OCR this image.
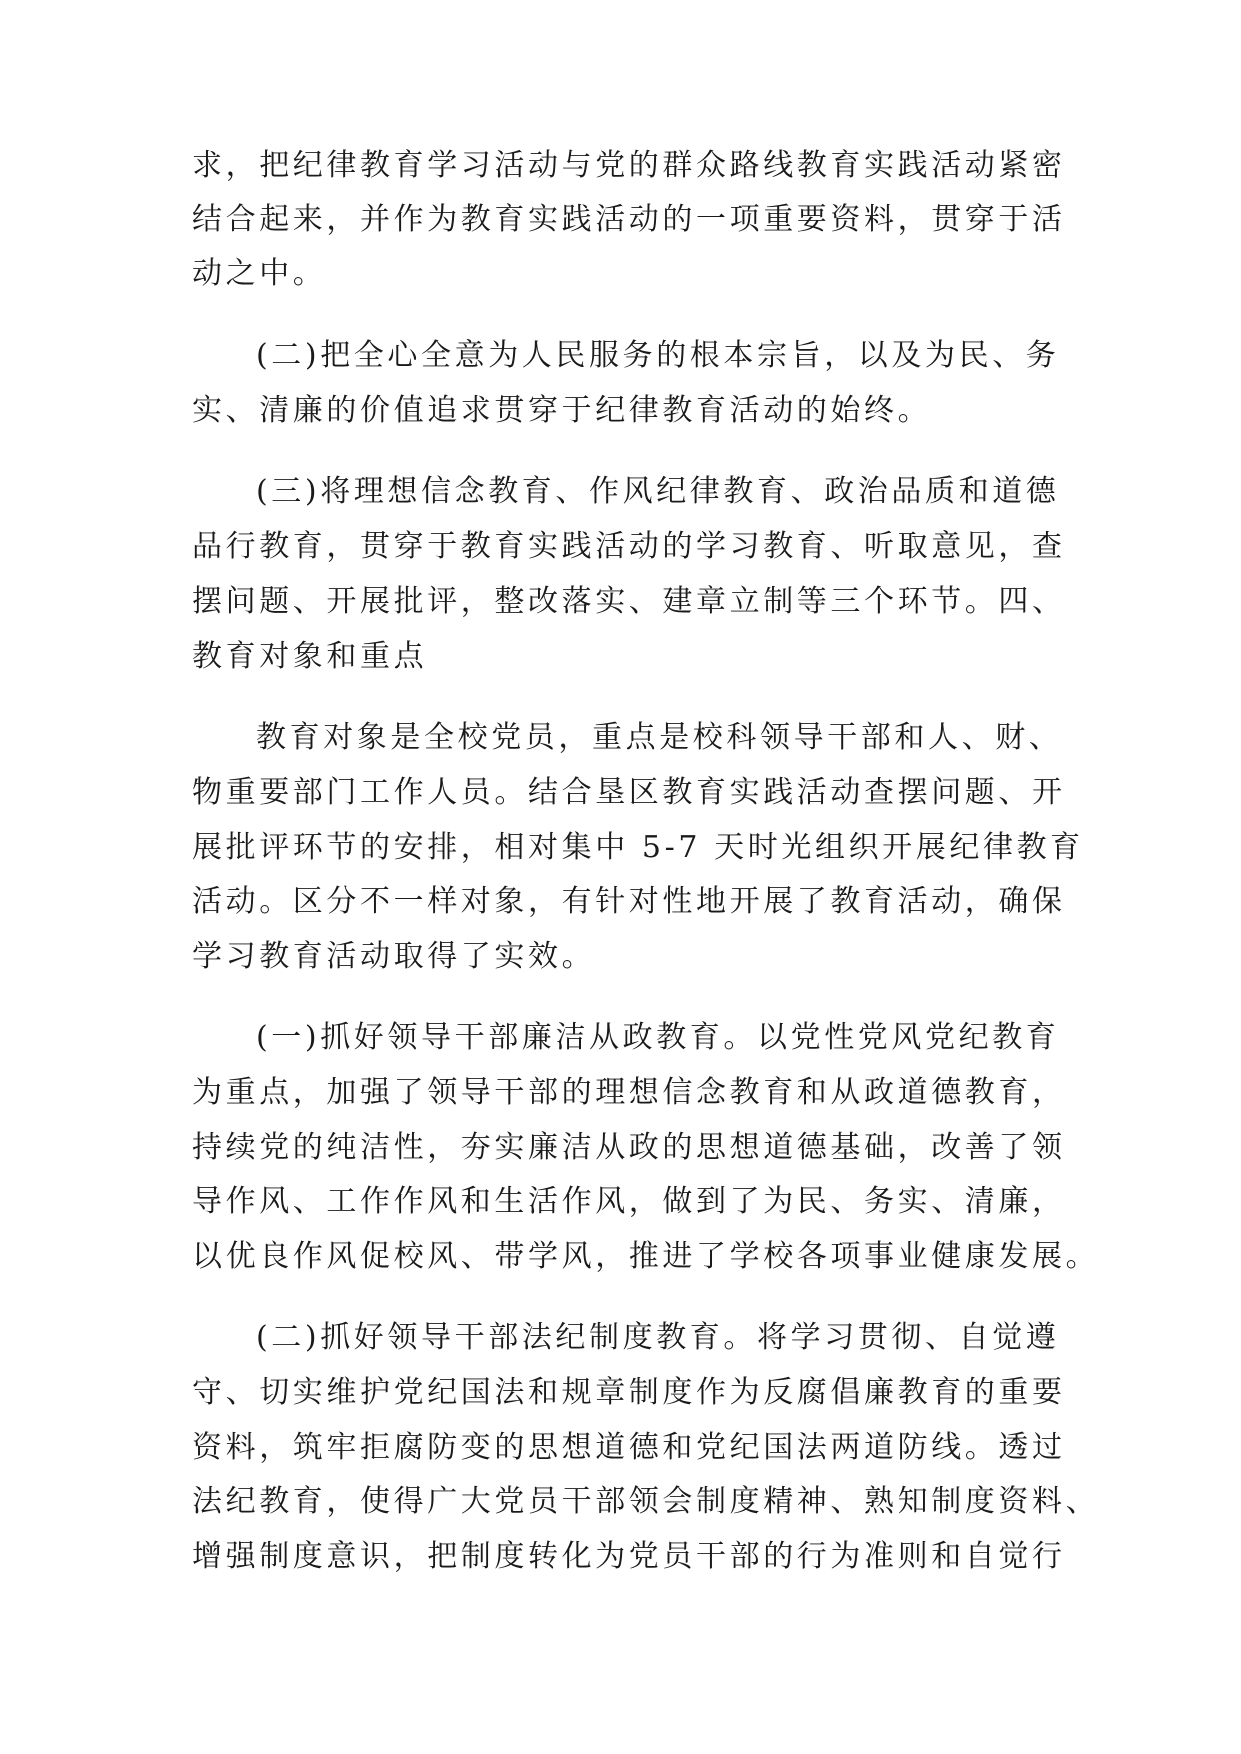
求，把纪律教育学习活动与党的群众路线教育实践活动紧密
结合起来，并作为教育实践活动的一项重要资料，贯穿于活
动之中。
(二)把全心全意为人民服务的根本宗旨，以及为民、务
实、清廉的价值追求贯穿于纪律教育活动的始终。
(三)将理想信念教育、作风纪律教育、政治品质和道德
品行教育，贯穿于教育实践活动的学习教育、听取意见，查
摆问题、开展批评，整改落实、建章立制等三个环节。四、
教育对象和重点
教育对象是全校党员，重点是校科领导干部和人、财、
物重要部门工作人员。结合垦区教育实践活动查摆问题、开
展批评环节的安排，相对集中 5-7 天时光组织开展纪律教育
活动。区分不一样对象，有针对性地开展了教育活动，确保
学习教育活动取得了实效。
(一)抓好领导干部廉洁从政教育。以党性党风党纪教育
为重点，加强了领导干部的理想信念教育和从政道德教育，
持续党的纯洁性，夯实廉洁从政的思想道德基础，改善了领
导作风、工作作风和生活作风，做到了为民、务实、清廉，
以优良作风促校风、带学风，推进了学校各项事业健康发展。
(二)抓好领导干部法纪制度教育。将学习贯彻、自觉遵
守、切实维护党纪国法和规章制度作为反腐倡廉教育的重要
资料，筑牢拒腐防变的思想道德和党纪国法两道防线。透过
法纪教育，使得广大党员干部领会制度精神、熟知制度资料、
增强制度意识，把制度转化为党员干部的行为准则和自觉行
